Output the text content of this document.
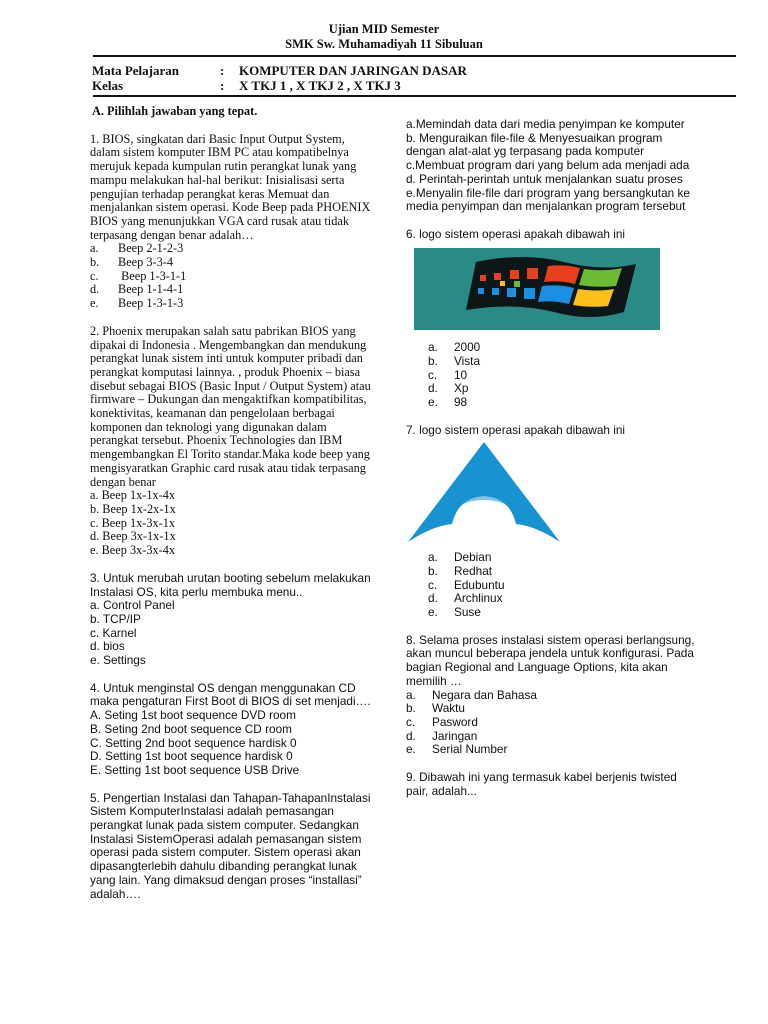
Ujian MID Semester
SMK Sw. Muhamadiyah 11 Sibuluan
Mata Pelajaran	: KOMPUTER DAN JARINGAN DASAR
Kelas	: X TKJ 1 , X TKJ 2 , X TKJ 3
A. Pilihlah jawaban yang tepat.

1. BIOS, singkatan dari Basic Input Output System, dalam sistem komputer IBM PC atau kompatibelnya merujuk kepada kumpulan rutin perangkat lunak yang mampu melakukan hal-hal berikut: Inisialisasi serta pengujian terhadap perangkat keras Memuat dan menjalankan sistem operasi. Kode Beep pada PHOENIX BIOS yang menunjukkan VGA card rusak atau tidak terpasang dengan benar adalah…

a.	Beep 2-1-2-3
b.	Beep 3-3-4
c.	Beep 1-3-1-1
d.	Beep 1-1-4-1
e.	Beep 1-3-1-3

2. Phoenix merupakan salah satu pabrikan BIOS yang dipakai di Indonesia . Mengembangkan dan mendukung perangkat lunak sistem inti untuk komputer pribadi dan perangkat komputasi lainnya. , produk Phoenix – biasa disebut sebagai BIOS (Basic Input / Output System) atau firmware – Dukungan dan mengaktifkan kompatibilitas, konektivitas, keamanan dan pengelolaan berbagai komponen dan teknologi yang digunakan dalam perangkat tersebut. Phoenix Technologies dan IBM mengembangkan El Torito standar.Maka kode beep yang mengisyaratkan Graphic card rusak atau tidak terpasang dengan benar

a. Beep 1x-1x-4x
b. Beep 1x-2x-1x
c. Beep 1x-3x-1x
d. Beep 3x-1x-1x
e. Beep 3x-3x-4x

3. Untuk merubah urutan booting sebelum melakukan Instalasi OS, kita perlu membuka menu..

a. Control Panel
b. TCP/IP
c. Karnel
d. bios
e. Settings

4. Untuk menginstal OS dengan menggunakan CD maka pengaturan First Boot di BIOS di set menjadi….

A. Seting 1st boot sequence DVD room
B. Seting 2nd boot sequence CD room
C. Setting 2nd boot sequence hardisk 0
D. Setting 1st boot sequence hardisk 0
E. Setting 1st boot sequence USB Drive

5. Pengertian Instalasi dan Tahapan-TahapanInstalasi Sistem KomputerInstalasi adalah pemasangan perangkat lunak pada sistem computer. Sedangkan Instalasi SistemOperasi adalah pemasangan sistem operasi pada sistem computer. Sistem operasi akan dipasangterlebih dahulu dibanding perangkat lunak yang lain. Yang dimaksud dengan proses “installasi” adalah….

a.Memindah data dari media penyimpan ke komputer
b. Menguraikan file-file & Menyesuaikan program dengan alat-alat yg terpasang pada komputer
c.Membuat program dari yang belum ada menjadi ada
d. Perintah-perintah untuk menjalankan suatu proses
e.Menyalin file-file dari program yang bersangkutan ke media penyimpan dan menjalankan program tersebut

6. logo sistem operasi apakah dibawah ini

a.	2000
b.	Vista
c.	10
d.	Xp
e.	98

7. logo sistem operasi apakah dibawah ini

a.	Debian
b.	Redhat
c.	Edubuntu
d.	Archlinux
e.	Suse

8. Selama proses instalasi sistem operasi berlangsung, akan muncul beberapa jendela untuk konfigurasi. Pada bagian Regional and Language Options, kita akan memilih …

a.	Negara dan Bahasa
b.	Waktu
c.	Pasword
d.	Jaringan
e.	Serial Number

9. Dibawah ini yang termasuk kabel berjenis twisted pair, adalah...
